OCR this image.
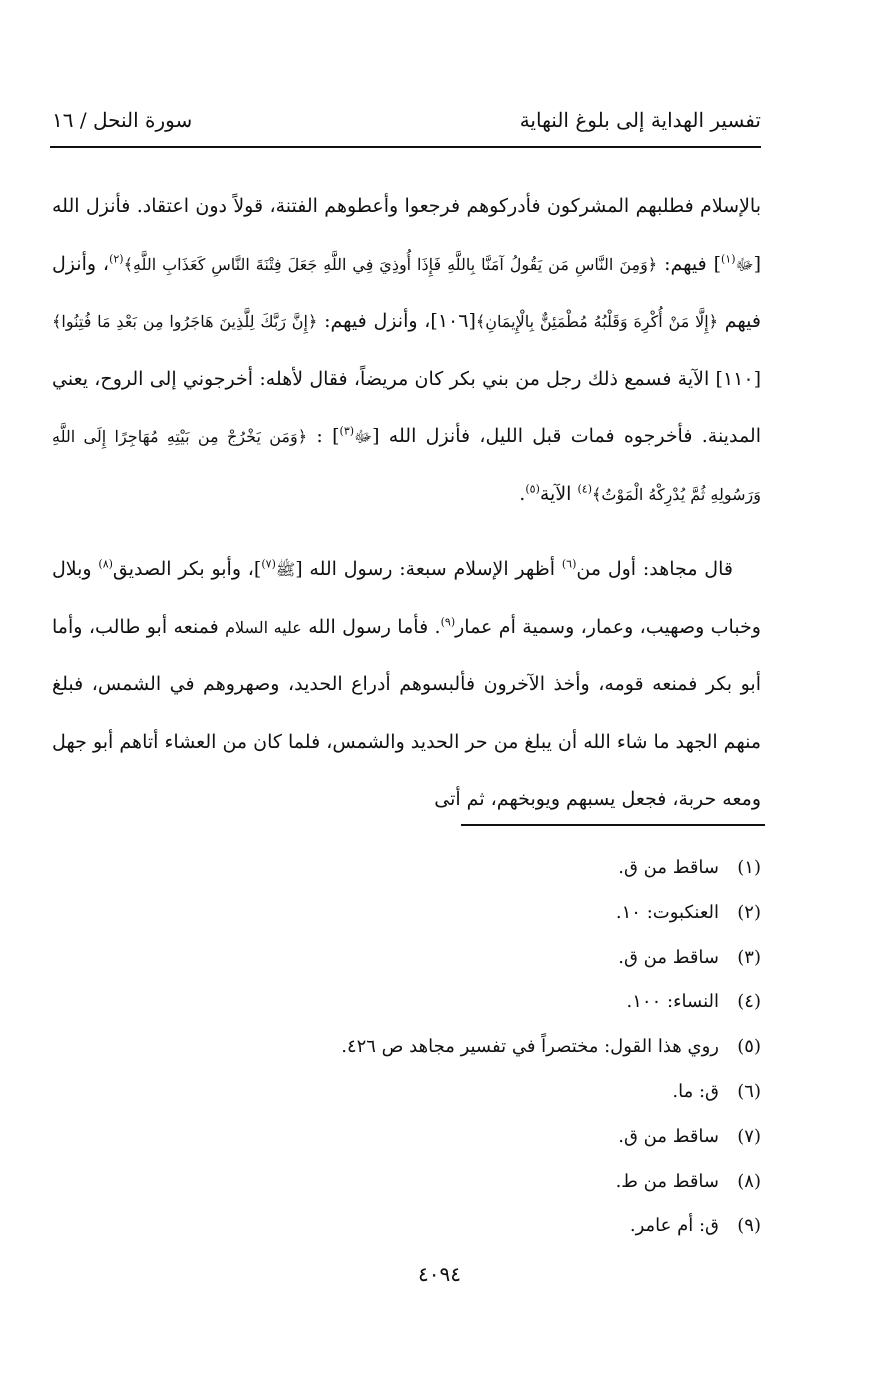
تفسير الهداية إلى بلوغ النهاية
سورة النحل / ١٦

بالإسلام فطلبهم المشركون فأدركوهم فرجعوا وأعطوهم الفتنة، قولاً دون اعتقاد. فأنزل الله [ﷻ$^{(١)}$] فيهم: ﴿وَمِنَ النَّاسِ مَن يَقُولُ آمَنَّا بِاللَّهِ فَإِذَا أُوذِيَ فِي اللَّهِ جَعَلَ فِتْنَةَ النَّاسِ كَعَذَابِ اللَّهِ﴾$^{(٢)}$، وأنزل فيهم ﴿إِلَّا مَنْ أُكْرِهَ وَقَلْبُهُ مُطْمَئِنٌّ بِالْإِيمَانِ﴾[١٠٦]، وأنزل فيهم: ﴿إِنَّ رَبَّكَ لِلَّذِينَ هَاجَرُوا مِن بَعْدِ مَا فُتِنُوا﴾[١١٠] الآية فسمع ذلك رجل من بني بكر كان مريضاً، فقال لأهله: أخرجوني إلى الروح، يعني المدينة. فأخرجوه فمات قبل الليل، فأنزل الله [ﷻ$^{(٣)}$] : ﴿وَمَن يَخْرُجْ مِن بَيْتِهِ مُهَاجِرًا إِلَى اللَّهِ وَرَسُولِهِ ثُمَّ يُدْرِكْهُ الْمَوْتُ﴾$^{(٤)}$ الآية$^{(٥)}$.

قال مجاهد: أول من$^{(٦)}$ أظهر الإسلام سبعة: رسول الله [ﷺ$^{(٧)}$]، وأبو بكر الصديق$^{(٨)}$ وبلال وخباب وصهيب، وعمار، وسمية أم عمار$^{(٩)}$. فأما رسول الله عليه السلام فمنعه أبو طالب، وأما أبو بكر فمنعه قومه، وأخذ الآخرون فألبسوهم أدراع الحديد، وصهروهم في الشمس، فبلغ منهم الجهد ما شاء الله أن يبلغ من حر الحديد والشمس، فلما كان من العشاء أتاهم أبو جهل ومعه حربة، فجعل يسبهم ويوبخهم، ثم أتى

(١)ساقط من ق.
(٢)العنكبوت: ١٠.
(٣)ساقط من ق.
(٤)النساء: ١٠٠.
(٥)روي هذا القول: مختصراً في تفسير مجاهد ص ٤٢٦.
(٦)ق: ما.
(٧)ساقط من ق.
(٨)ساقط من ط.
(٩)ق: أم عامر.
٤٠٩٤
